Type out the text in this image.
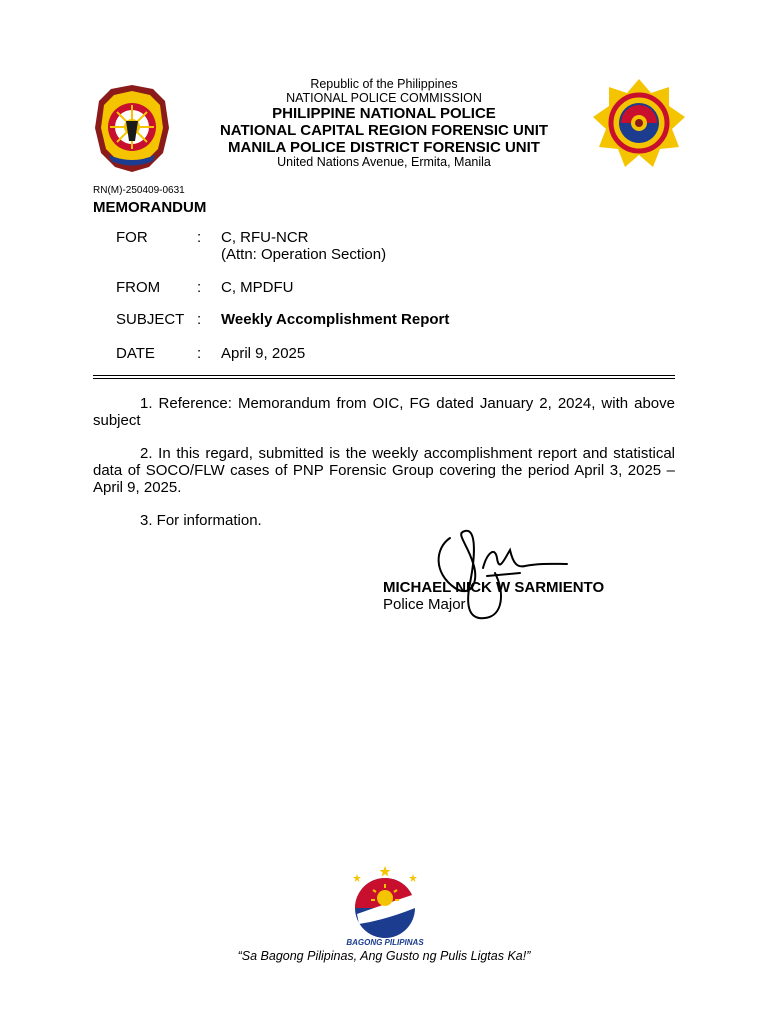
Republic of the Philippines
NATIONAL POLICE COMMISSION
PHILIPPINE NATIONAL POLICE
NATIONAL CAPITAL REGION FORENSIC UNIT
MANILA POLICE DISTRICT FORENSIC UNIT
United Nations Avenue, Ermita, Manila
RN(M)-250409-0631
MEMORANDUM
FOR	: C, RFU-NCR
(Attn: Operation Section)
FROM : C, MPDFU
SUBJECT : Weekly Accomplishment Report
DATE	: April 9, 2025
1. Reference: Memorandum from OIC, FG dated January 2, 2024, with above subject
2. In this regard, submitted is the weekly accomplishment report and statistical data of SOCO/FLW cases of PNP Forensic Group covering the period April 3, 2025 – April 9, 2025.
3. For information.
MICHAEL NICK W SARMIENTO
Police Major
BAGONG PILIPINAS
“Sa Bagong Pilipinas, Ang Gusto ng Pulis Ligtas Ka!”
